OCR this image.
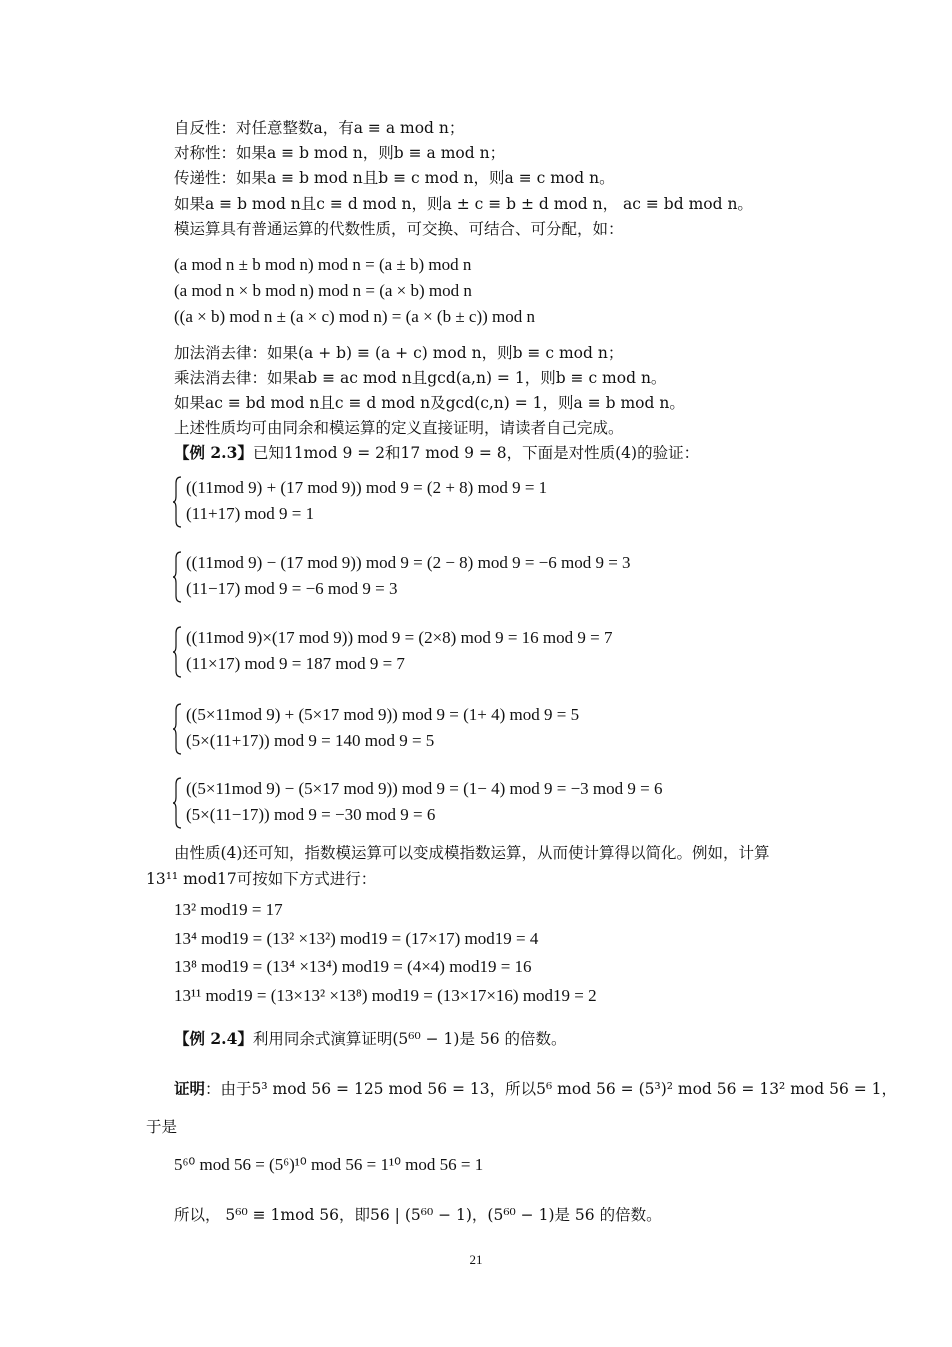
自反性：对任意整数a，有a ≡ a mod n；
对称性：如果a ≡ b mod n，则b ≡ a mod n；
传递性：如果a ≡ b mod n且b ≡ c mod n，则a ≡ c mod n。
如果a ≡ b mod n且c ≡ d mod n，则a ± c ≡ b ± d mod n， ac ≡ bd mod n。
模运算具有普通运算的代数性质，可交换、可结合、可分配，如：
(a mod n ± b mod n) mod n = (a ± b) mod n
(a mod n × b mod n) mod n = (a × b) mod n
((a × b) mod n ± (a × c) mod n) = (a × (b ± c)) mod n
加法消去律：如果(a + b) ≡ (a + c) mod n，则b ≡ c mod n；
乘法消去律：如果ab ≡ ac mod n且gcd(a,n) = 1，则b ≡ c mod n。
如果ac ≡ bd mod n且c ≡ d mod n及gcd(c,n) = 1，则a ≡ b mod n。
上述性质均可由同余和模运算的定义直接证明，请读者自己完成。
【例 2.3】已知11mod 9 = 2和17 mod 9 = 8，下面是对性质(4)的验证：
((11mod 9) + (17 mod 9)) mod 9 = (2 + 8) mod 9 = 1
(11+17) mod 9 = 1
((11mod 9) − (17 mod 9)) mod 9 = (2 − 8) mod 9 = −6 mod 9 = 3
(11−17) mod 9 = −6 mod 9 = 3
((11mod 9)×(17 mod 9)) mod 9 = (2×8) mod 9 = 16 mod 9 = 7
(11×17) mod 9 = 187 mod 9 = 7
((5×11mod 9) + (5×17 mod 9)) mod 9 = (1+ 4) mod 9 = 5
(5×(11+17)) mod 9 = 140 mod 9 = 5
((5×11mod 9) − (5×17 mod 9)) mod 9 = (1− 4) mod 9 = −3 mod 9 = 6
(5×(11−17)) mod 9 = −30 mod 9 = 6
由性质(4)还可知，指数模运算可以变成模指数运算，从而使计算得以简化。例如，计算
13¹¹ mod17可按如下方式进行：
13² mod19 = 17
13⁴ mod19 = (13² ×13²) mod19 = (17×17) mod19 = 4
13⁸ mod19 = (13⁴ ×13⁴) mod19 = (4×4) mod19 = 16
13¹¹ mod19 = (13×13² ×13⁸) mod19 = (13×17×16) mod19 = 2
【例 2.4】利用同余式演算证明(5⁶⁰ − 1)是 56 的倍数。
证明：由于5³ mod 56 = 125 mod 56 = 13，所以5⁶ mod 56 = (5³)² mod 56 = 13² mod 56 = 1，
于是
5⁶⁰ mod 56 = (5⁶)¹⁰ mod 56 = 1¹⁰ mod 56 = 1
所以， 5⁶⁰ ≡ 1mod 56，即56 | (5⁶⁰ − 1)，(5⁶⁰ − 1)是 56 的倍数。
21
